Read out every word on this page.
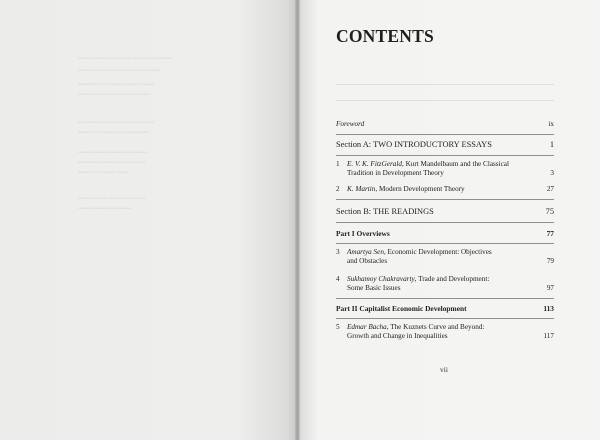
═══ ════ ═════ ══ ═══════ ════
════ ══════ ═══ ════ ═════
═════ ══ ══════ ═══ ════
═══ ════════ ══ ══════
══════ ═══ ══════ ═══ ══
════ ══ ═════ ════════
═══ ══════ ═══ ══ ════
══════ ════ ══════ ══
═══ ══ ═════ ═══
═════ ═══ ══════ ════
═══ ════ ══ ═════
CONTENTS
Foreword	ix
Section A: TWO INTRODUCTORY ESSAYS	1
1 E. V. K. FitzGerald, Kurt Mandelbaum and the Classical
Tradition in Development Theory	3
2 K. Martin, Modern Development Theory	27
Section B: THE READINGS	75
Part I Overviews	77
3 Amartya Sen, Economic Development: Objectives
and Obstacles	79
4 Sukhamoy Chakravarty, Trade and Development:
Some Basic Issues	97
Part II Capitalist Economic Development	113
5 Edmar Bacha, The Kuznets Curve and Beyond:
Growth and Change in Inequalities	117
vii
